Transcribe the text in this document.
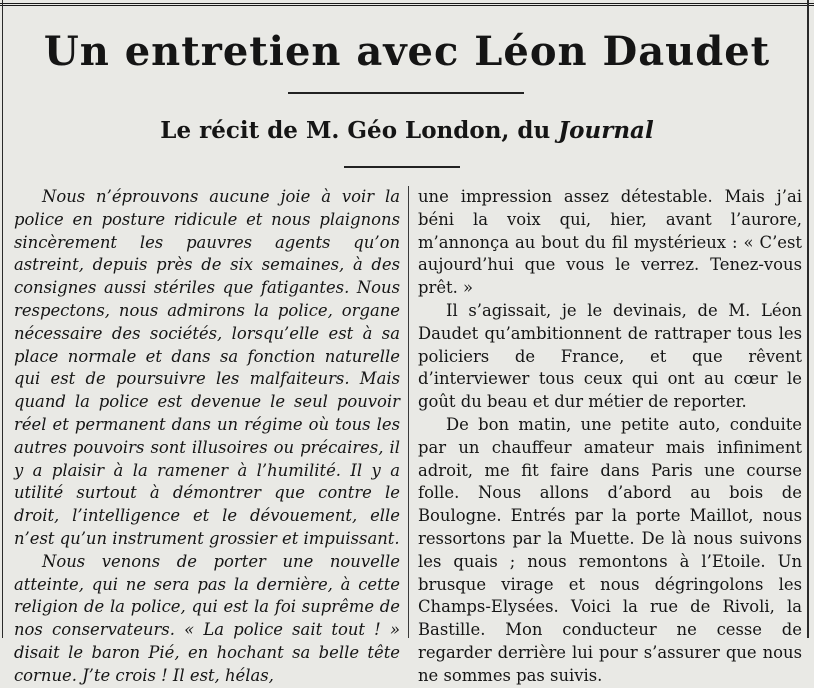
Un entretien avec Léon Daudet
Le récit de M. Géo London, du Journal

Nous n’éprouvons aucune joie à voir la police en posture ridicule et nous plaignons sincèrement les pauvres agents qu’on astreint, depuis près de six semaines, à des consignes aussi stériles que fatigantes. Nous respectons, nous admirons la police, organe nécessaire des sociétés, lorsqu’elle est à sa place normale et dans sa fonction naturelle qui est de poursuivre les malfaiteurs. Mais quand la police est devenue le seul pouvoir réel et permanent dans un régime où tous les autres pouvoirs sont illusoires ou précaires, il y a plaisir à la ramener à l’humilité. Il y a utilité surtout à démontrer que contre le droit, l’intelligence et le dévouement, elle n’est qu’un instrument grossier et impuissant.

Nous venons de porter une nouvelle atteinte, qui ne sera pas la dernière, à cette religion de la police, qui est la foi suprême de nos conservateurs. « La police sait tout ! » disait le baron Pié, en hochant sa belle tête cornue. J’te crois ! Il est, hélas,

une impression assez détestable. Mais j’ai béni la voix qui, hier, avant l’aurore, m’annonça au bout du fil mystérieux : « C’est aujourd’hui que vous le verrez. Tenez-vous prêt. »

Il s’agissait, je le devinais, de M. Léon Daudet qu’ambitionnent de rattraper tous les policiers de France, et que rêvent d’interviewer tous ceux qui ont au cœur le goût du beau et dur métier de reporter.

De bon matin, une petite auto, conduite par un chauffeur amateur mais infiniment adroit, me fit faire dans Paris une course folle. Nous allons d’abord au bois de Boulogne. Entrés par la porte Maillot, nous ressortons par la Muette. De là nous suivons les quais ; nous remontons à l’Etoile. Un brusque virage et nous dégringolons les Champs-Elysées. Voici la rue de Rivoli, la Bastille. Mon conducteur ne cesse de regarder derrière lui pour s’assurer que nous ne sommes pas suivis.
